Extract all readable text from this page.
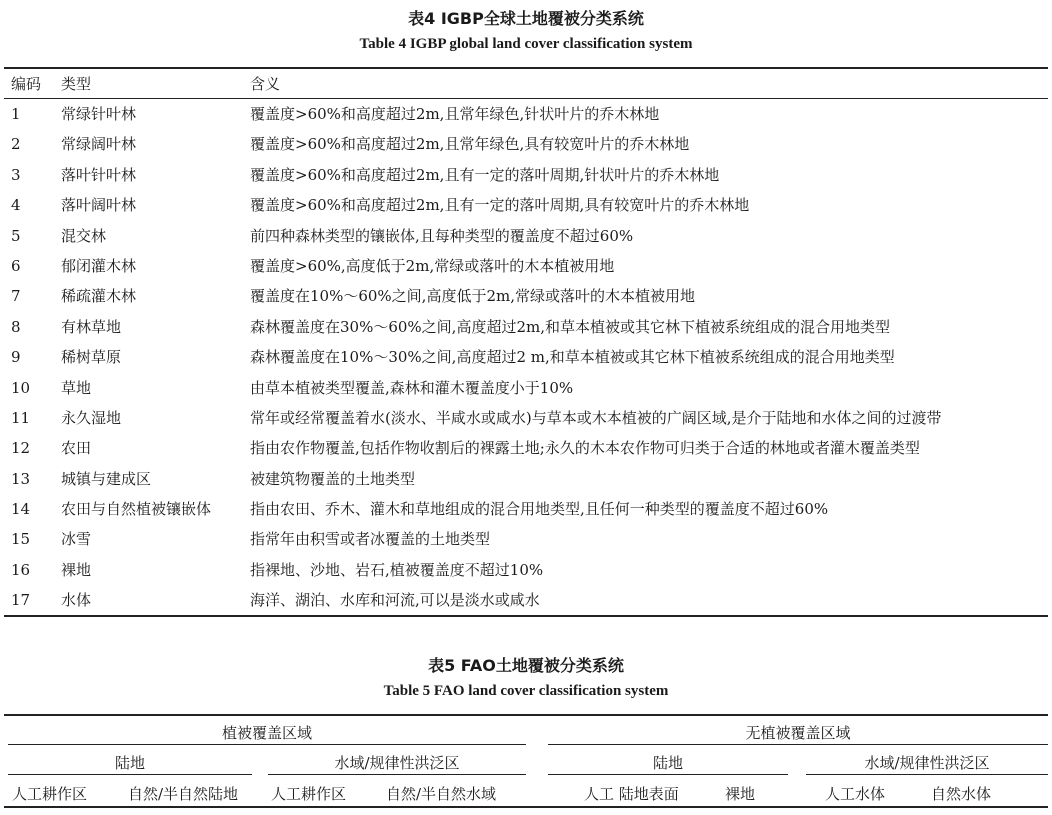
表4 IGBP全球土地覆被分类系统
Table 4 IGBP global land cover classification system
编码 类型	含义
1	常绿针叶林	覆盖度>60%和高度超过2m,且常年绿色,针状叶片的乔木林地
2	常绿阔叶林	覆盖度>60%和高度超过2m,且常年绿色,具有较宽叶片的乔木林地
3	落叶针叶林	覆盖度>60%和高度超过2m,且有一定的落叶周期,针状叶片的乔木林地
4	落叶阔叶林	覆盖度>60%和高度超过2m,且有一定的落叶周期,具有较宽叶片的乔木林地
5	混交林	前四种森林类型的镶嵌体,且每种类型的覆盖度不超过60%
6	郁闭灌木林	覆盖度>60%,高度低于2m,常绿或落叶的木本植被用地
7	稀疏灌木林	覆盖度在10%～60%之间,高度低于2m,常绿或落叶的木本植被用地
8	有林草地	森林覆盖度在30%～60%之间,高度超过2m,和草本植被或其它林下植被系统组成的混合用地类型
9	稀树草原	森林覆盖度在10%～30%之间,高度超过2 m,和草本植被或其它林下植被系统组成的混合用地类型
10 草地	由草本植被类型覆盖,森林和灌木覆盖度小于10%
11 永久湿地	常年或经常覆盖着水(淡水、半咸水或咸水)与草本或木本植被的广阔区域,是介于陆地和水体之间的过渡带
12 农田	指由农作物覆盖,包括作物收割后的裸露土地;永久的木本农作物可归类于合适的林地或者灌木覆盖类型
13 城镇与建成区	被建筑物覆盖的土地类型
14 农田与自然植被镶嵌体	指由农田、乔木、灌木和草地组成的混合用地类型,且任何一种类型的覆盖度不超过60%
15 冰雪	指常年由积雪或者冰覆盖的土地类型
16 裸地	指裸地、沙地、岩石,植被覆盖度不超过10%
17 水体	海洋、湖泊、水库和河流,可以是淡水或咸水
表5 FAO土地覆被分类系统
Table 5 FAO land cover classification system
植被覆盖区域	无植被覆盖区域
陆地	水域/规律性洪泛区	陆地	水域/规律性洪泛区
人工耕作区	自然/半自然陆地 人工耕作区	自然/半自然水域	人工 陆地表面	裸地	人工水体	自然水体
